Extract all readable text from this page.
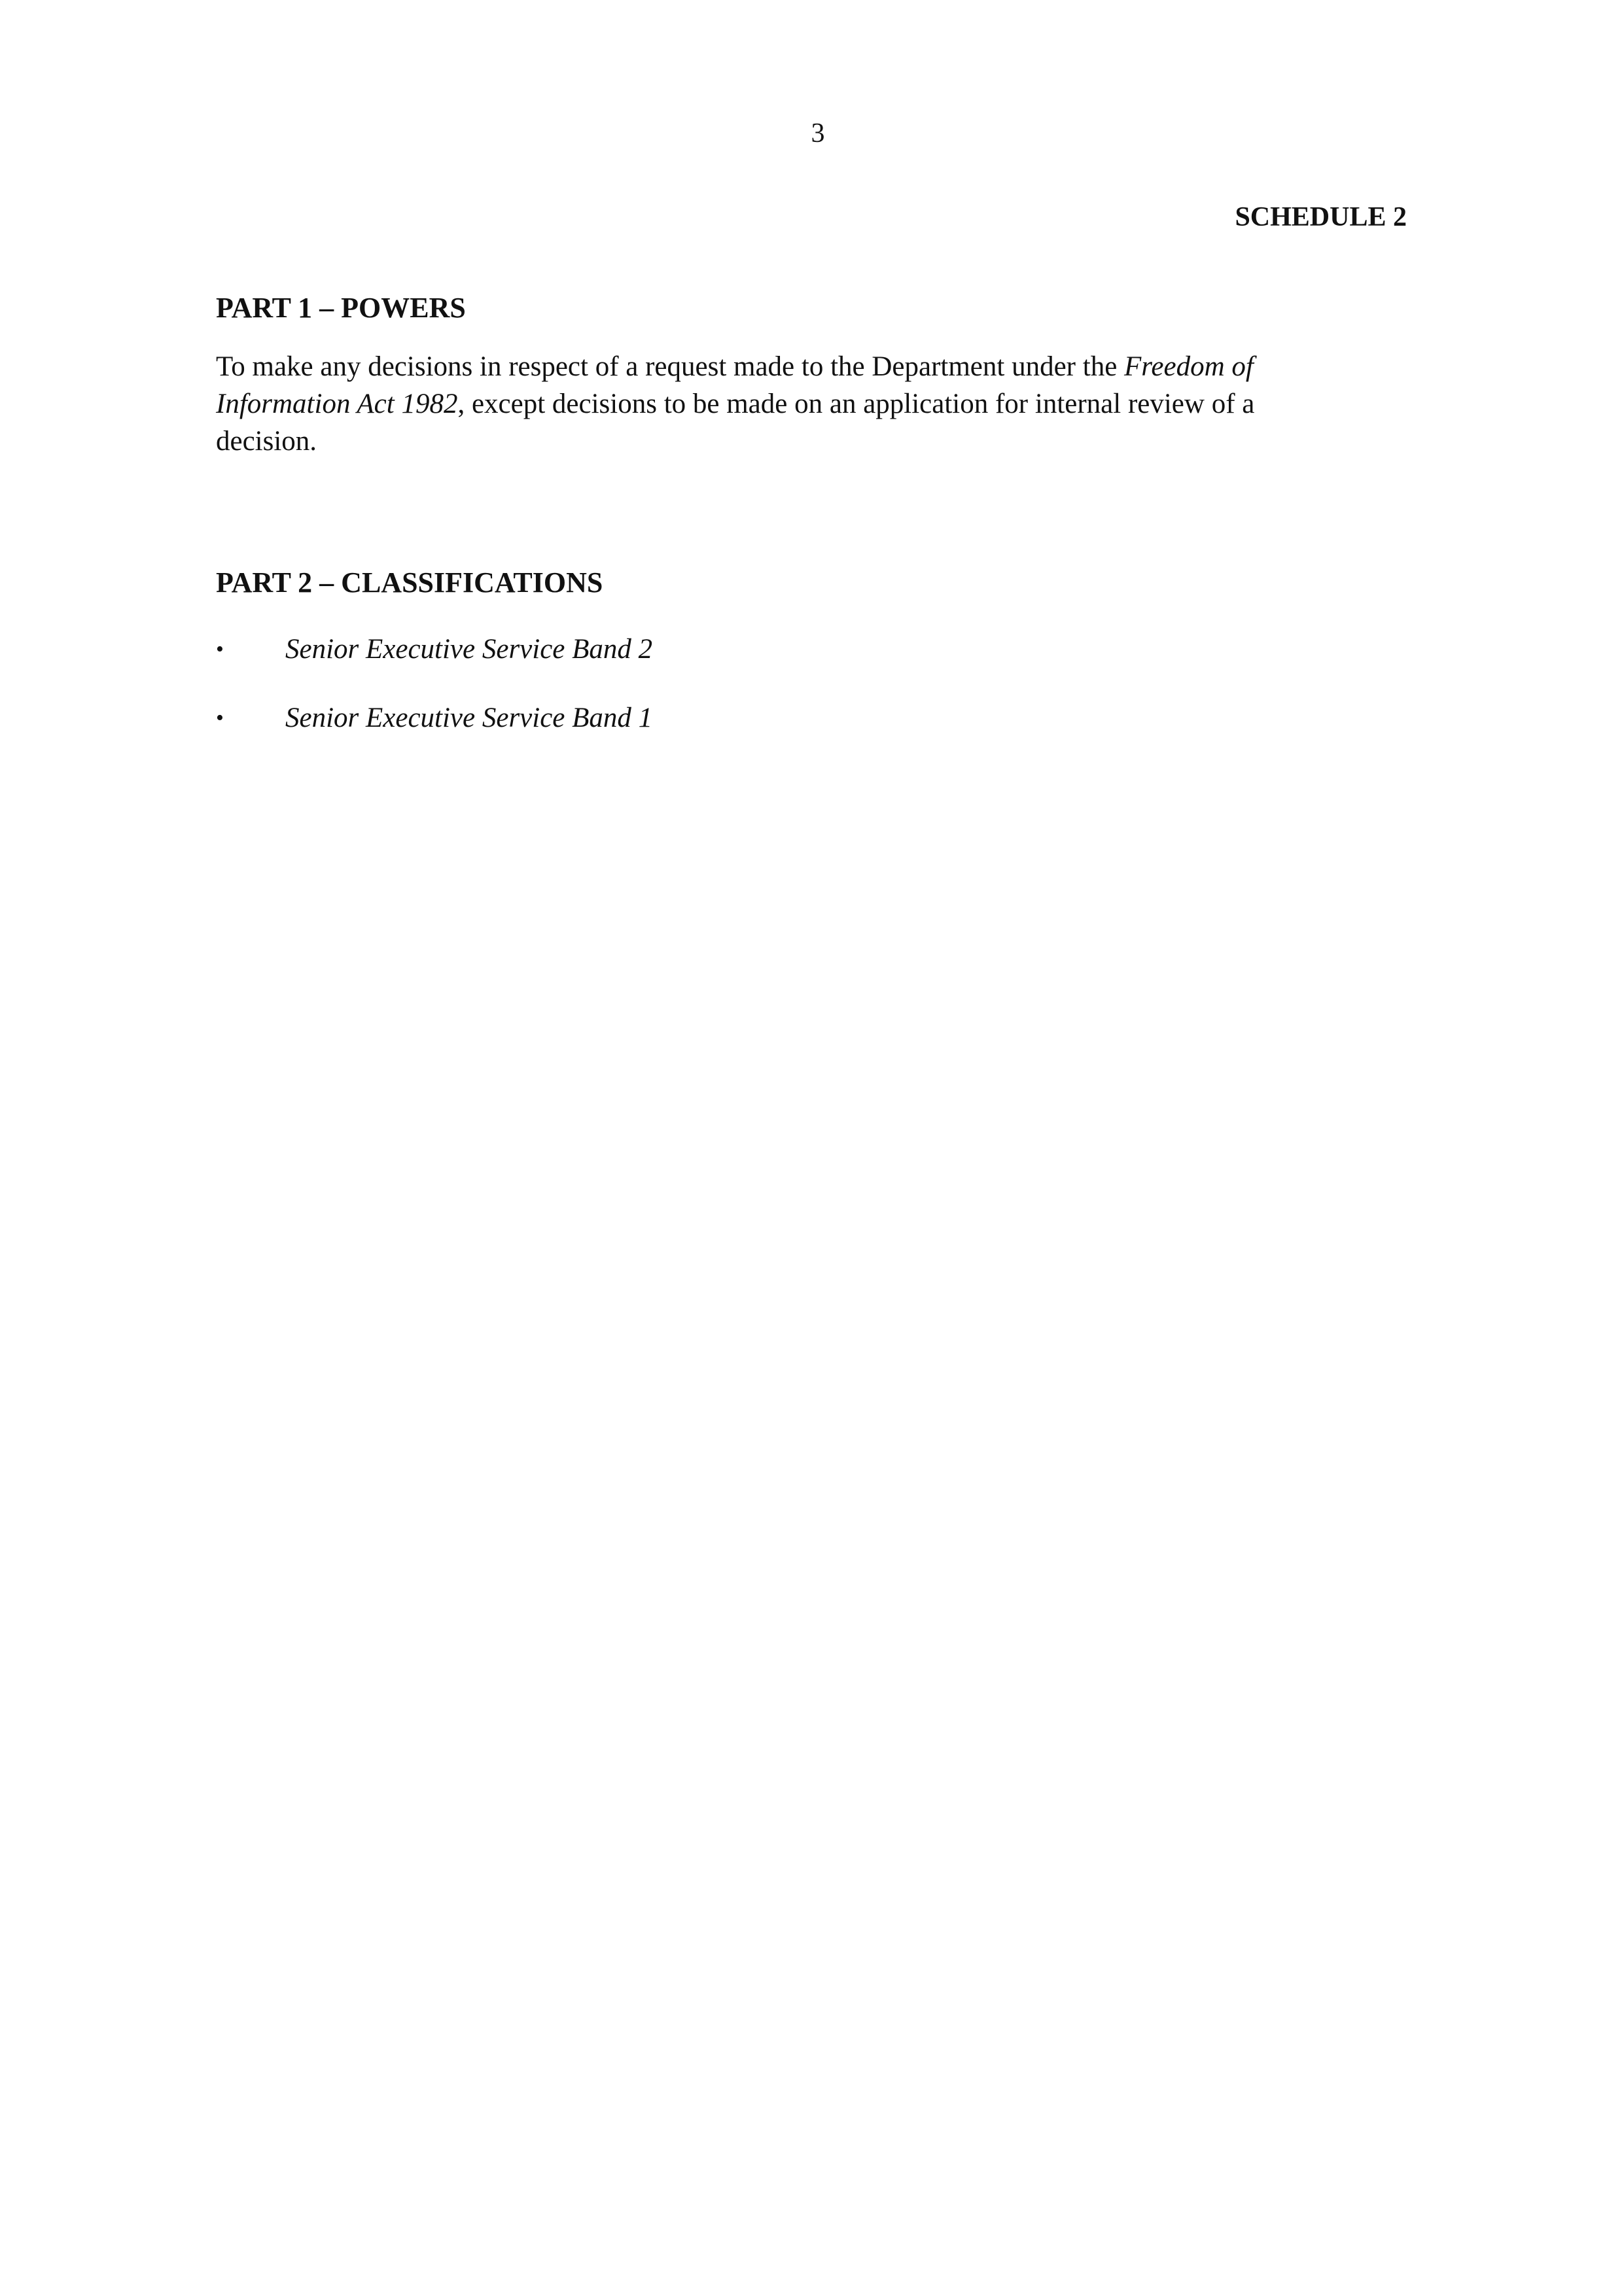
3
SCHEDULE 2
PART 1 – POWERS

To make any decisions in respect of a request made to the Department under the Freedom of Information Act 1982, except decisions to be made on an application for internal review of a decision.

PART 2 – CLASSIFICATIONS
•	Senior Executive Service Band 2
•	Senior Executive Service Band 1
